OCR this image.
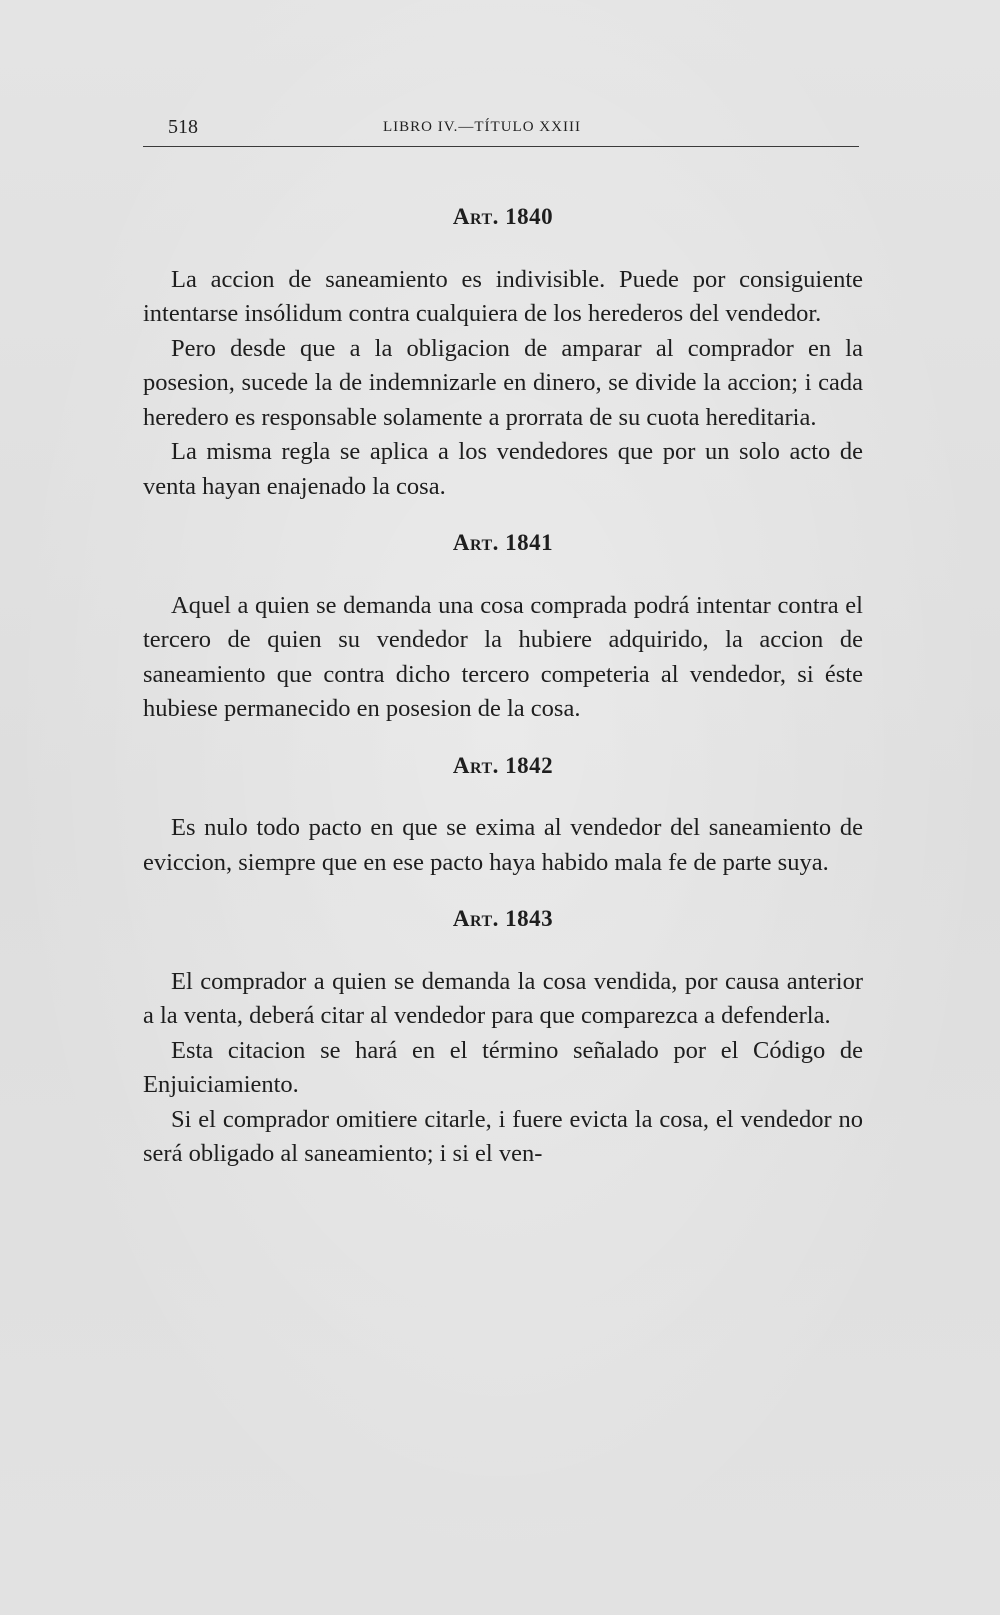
518	LIBRO IV.—TÍTULO XXIII
Art. 1840

La accion de saneamiento es indivisible. Puede por consiguiente intentarse insólidum contra cualquiera de los herederos del vendedor.

Pero desde que a la obligacion de amparar al comprador en la posesion, sucede la de indemnizarle en dinero, se divide la accion; i cada heredero es responsable solamente a prorrata de su cuota hereditaria.

La misma regla se aplica a los vendedores que por un solo acto de venta hayan enajenado la cosa.

Art. 1841

Aquel a quien se demanda una cosa comprada podrá intentar contra el tercero de quien su vendedor la hubiere adquirido, la accion de saneamiento que contra dicho tercero competeria al vendedor, si éste hubiese permanecido en posesion de la cosa.

Art. 1842

Es nulo todo pacto en que se exima al vendedor del saneamiento de eviccion, siempre que en ese pacto haya habido mala fe de parte suya.

Art. 1843

El comprador a quien se demanda la cosa vendida, por causa anterior a la venta, deberá citar al vendedor para que comparezca a defenderla.

Esta citacion se hará en el término señalado por el Código de Enjuiciamiento.

Si el comprador omitiere citarle, i fuere evicta la cosa, el vendedor no será obligado al saneamiento; i si el ven-
